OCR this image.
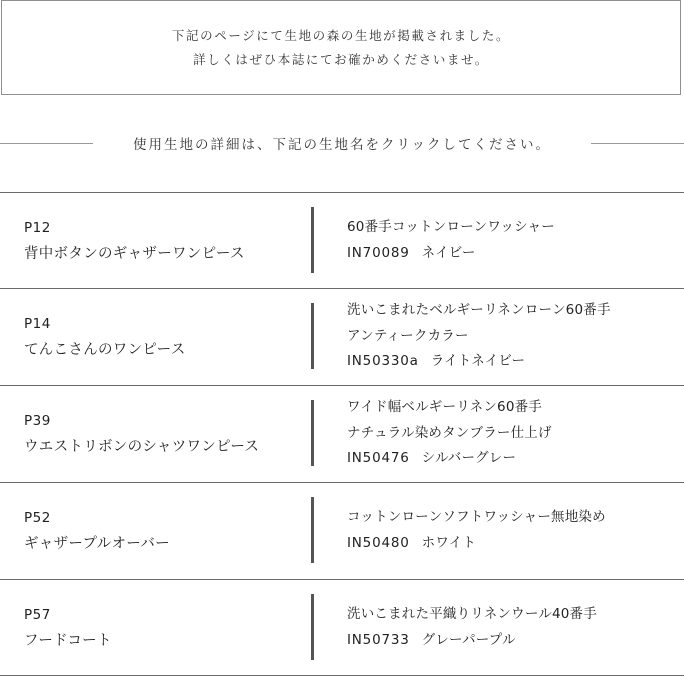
下記のページにて生地の森の生地が掲載されました。
詳しくはぜひ本誌にてお確かめくださいませ。
使用生地の詳細は、下記の生地名をクリックしてください。
P12
背中ボタンのギャザーワンピース
60番手コットンローンワッシャー
IN70089 ネイビー
P14
てんこさんのワンピース
洗いこまれたベルギーリネンローン60番手
アンティークカラー
IN50330a ライトネイビー
P39
ウエストリボンのシャツワンピース
ワイド幅ベルギーリネン60番手
ナチュラル染めタンブラー仕上げ
IN50476 シルバーグレー
P52
ギャザープルオーバー
コットンローンソフトワッシャー無地染め
IN50480 ホワイト
P57
フードコート
洗いこまれた平織りリネンウール40番手
IN50733 グレーパープル
